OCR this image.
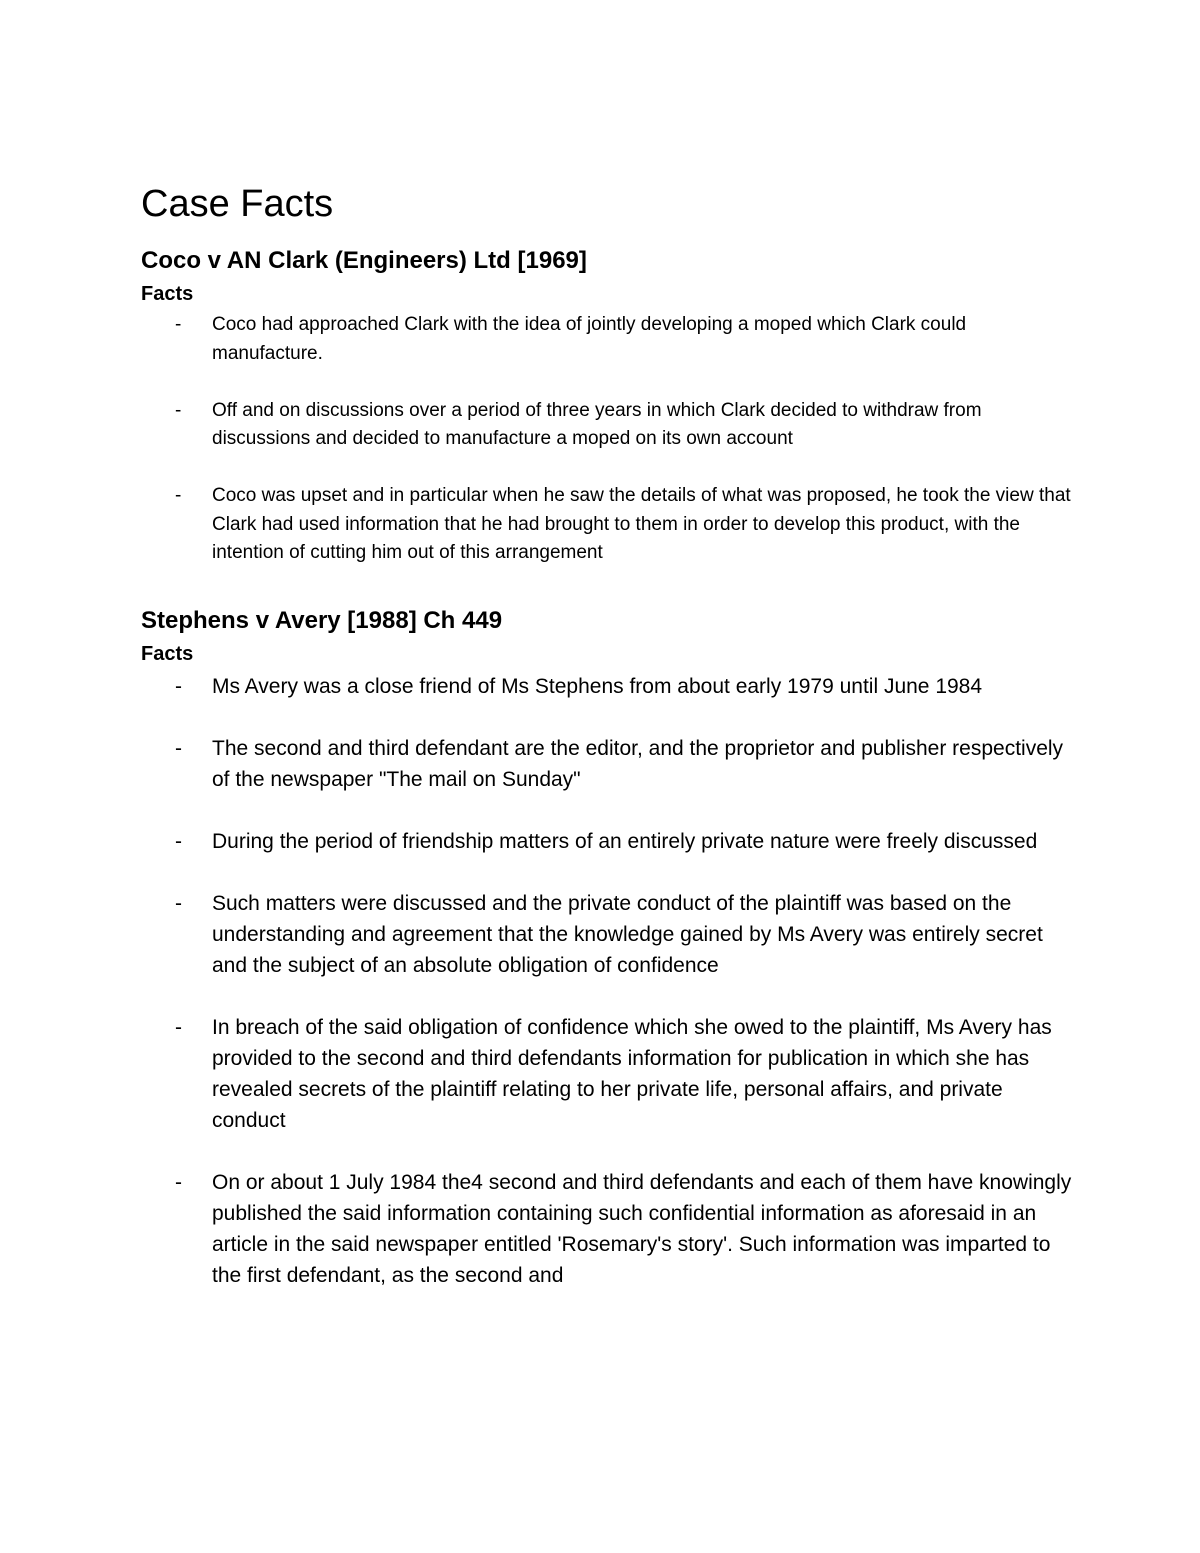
Case Facts
Coco v AN Clark (Engineers) Ltd [1969]
Facts
- Coco had approached Clark with the idea of jointly developing a moped which Clark could manufacture.
- Off and on discussions over a period of three years in which Clark decided to withdraw from discussions and decided to manufacture a moped on its own account
- Coco was upset and in particular when he saw the details of what was proposed, he took the view that Clark had used information that he had brought to them in order to develop this product, with the intention of cutting him out of this arrangement
Stephens v Avery [1988] Ch 449
Facts
- Ms Avery was a close friend of Ms Stephens from about early 1979 until June 1984
- The second and third defendant are the editor, and the proprietor and publisher respectively of the newspaper "The mail on Sunday"
- During the period of friendship matters of an entirely private nature were freely discussed
- Such matters were discussed and the private conduct of the plaintiff was based on the understanding and agreement that the knowledge gained by Ms Avery was entirely secret and the subject of an absolute obligation of confidence
- In breach of the said obligation of confidence which she owed to the plaintiff, Ms Avery has provided to the second and third defendants information for publication in which she has revealed secrets of the plaintiff relating to her private life, personal affairs, and private conduct
- On or about 1 July 1984 the4 second and third defendants and each of them have knowingly published the said information containing such confidential information as aforesaid in an article in the said newspaper entitled 'Rosemary's story'. Such information was imparted to the first defendant, as the second and
